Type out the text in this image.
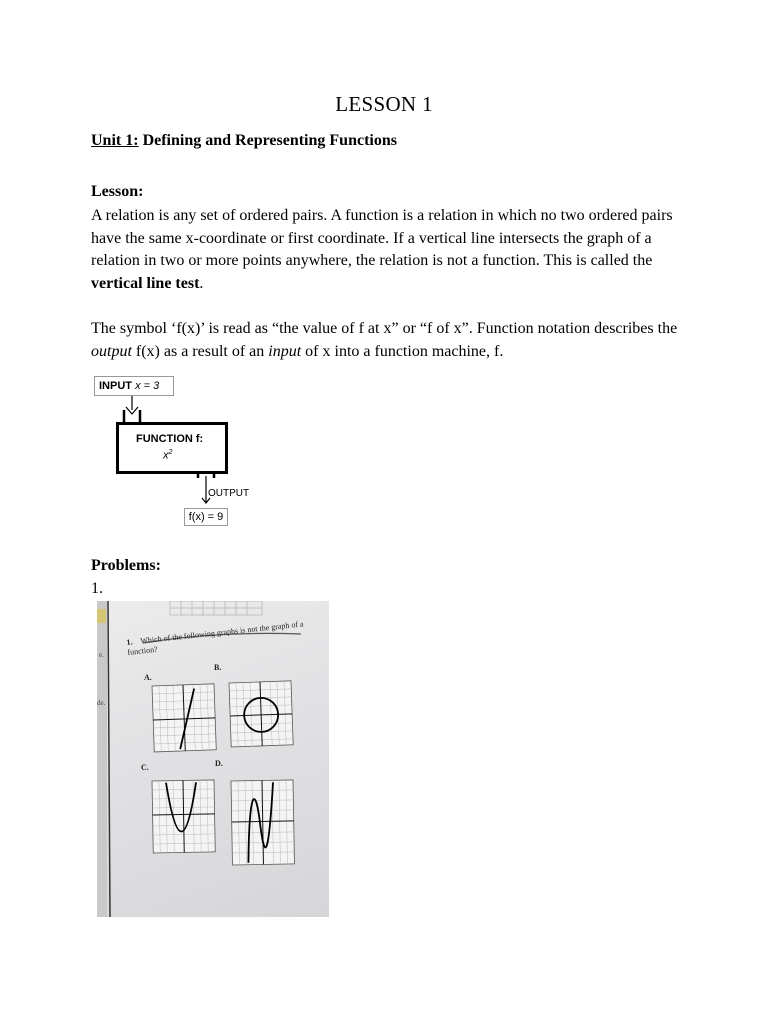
LESSON 1
Unit 1: Defining and Representing Functions
Lesson:
A relation is any set of ordered pairs. A function is a relation in which no two ordered pairs have the same x-coordinate or first coordinate. If a vertical line intersects the graph of a relation in two or more points anywhere, the relation is not a function. This is called the vertical line test.
The symbol ‘f(x)’ is read as “the value of f at x” or “f of x”. Function notation describes the output f(x) as a result of an input of x into a function machine, f.
INPUT x = 3
FUNCTION f:
$x^2$
OUTPUT
f(x) = 9
Problems:
1.
e.
de.
1. Which of the following graphs is not the graph of a function?
A.
B.
C.	D.
